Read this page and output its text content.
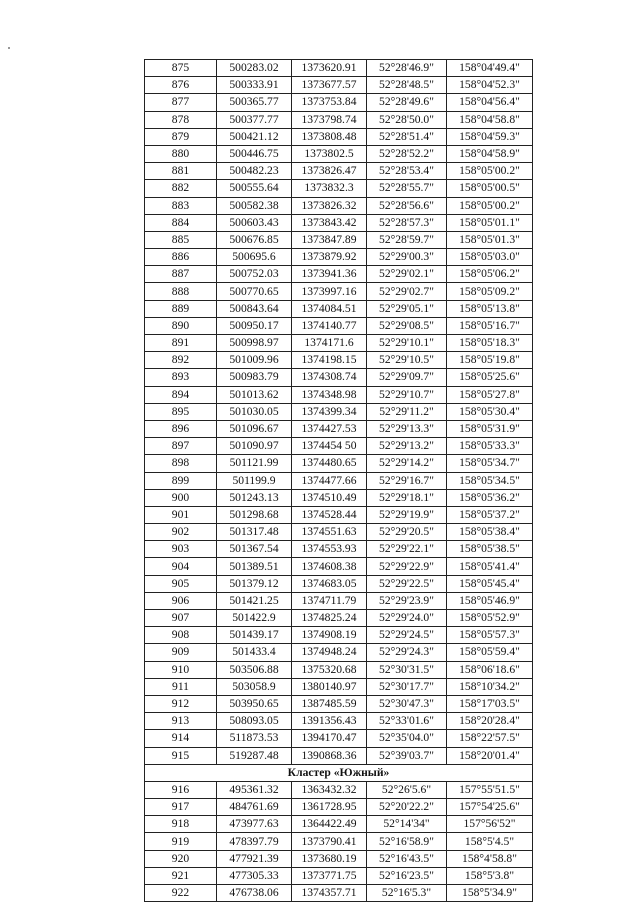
875	500283.02	1373620.91	52°28'46.9"	158°04'49.4"
876	500333.91	1373677.57	52°28'48.5"	158°04'52.3"
877	500365.77	1373753.84	52°28'49.6"	158°04'56.4"
878	500377.77	1373798.74	52°28'50.0"	158°04'58.8"
879	500421.12	1373808.48	52°28'51.4"	158°04'59.3"
880	500446.75	1373802.5	52°28'52.2"	158°04'58.9"
881	500482.23	1373826.47	52°28'53.4"	158°05'00.2"
882	500555.64	1373832.3	52°28'55.7"	158°05'00.5"
883	500582.38	1373826.32	52°28'56.6"	158°05'00.2"
884	500603.43	1373843.42	52°28'57.3"	158°05'01.1"
885	500676.85	1373847.89	52°28'59.7"	158°05'01.3"
886	500695.6	1373879.92	52°29'00.3"	158°05'03.0"
887	500752.03	1373941.36	52°29'02.1"	158°05'06.2"
888	500770.65	1373997.16	52°29'02.7"	158°05'09.2"
889	500843.64	1374084.51	52°29'05.1"	158°05'13.8"
890	500950.17	1374140.77	52°29'08.5"	158°05'16.7"
891	500998.97	1374171.6	52°29'10.1"	158°05'18.3"
892	501009.96	1374198.15	52°29'10.5"	158°05'19.8"
893	500983.79	1374308.74	52°29'09.7"	158°05'25.6"
894	501013.62	1374348.98	52°29'10.7"	158°05'27.8"
895	501030.05	1374399.34	52°29'11.2"	158°05'30.4"
896	501096.67	1374427.53	52°29'13.3"	158°05'31.9"
897	501090.97	1374454 50	52°29'13.2"	158°05'33.3"
898	501121.99	1374480.65	52°29'14.2"	158°05'34.7"
899	501199.9	1374477.66	52°29'16.7"	158°05'34.5"
900	501243.13	1374510.49	52°29'18.1"	158°05'36.2"
901	501298.68	1374528.44	52°29'19.9"	158°05'37.2"
902	501317.48	1374551.63	52°29'20.5"	158°05'38.4"
903	501367.54	1374553.93	52°29'22.1"	158°05'38.5"
904	501389.51	1374608.38	52°29'22.9"	158°05'41.4"
905	501379.12	1374683.05	52°29'22.5"	158°05'45.4"
906	501421.25	1374711.79	52°29'23.9"	158°05'46.9"
907	501422.9	1374825.24	52°29'24.0"	158°05'52.9"
908	501439.17	1374908.19	52°29'24.5"	158°05'57.3"
909	501433.4	1374948.24	52°29'24.3"	158°05'59.4"
910	503506.88	1375320.68	52°30'31.5"	158°06'18.6"
911	503058.9	1380140.97	52°30'17.7"	158°10'34.2"
912	503950.65	1387485.59	52°30'47.3"	158°17'03.5"
913	508093.05	1391356.43	52°33'01.6"	158°20'28.4"
914	511873.53	1394170.47	52°35'04.0"	158°22'57.5"
915	519287.48	1390868.36	52°39'03.7"	158°20'01.4"
Кластер «Южный»				
916	495361.32	1363432.32	52°26'5.6"	157°55'51.5"
917	484761.69	1361728.95	52°20'22.2"	157°54'25.6"
918	473977.63	1364422.49	52°14'34"	157°56'52"
919	478397.79	1373790.41	52°16'58.9"	158°5'4.5"
920	477921.39	1373680.19	52°16'43.5"	158°4'58.8"
921	477305.33	1373771.75	52°16'23.5"	158°5'3.8"
922	476738.06	1374357.71	52°16'5.3"	158°5'34.9"
